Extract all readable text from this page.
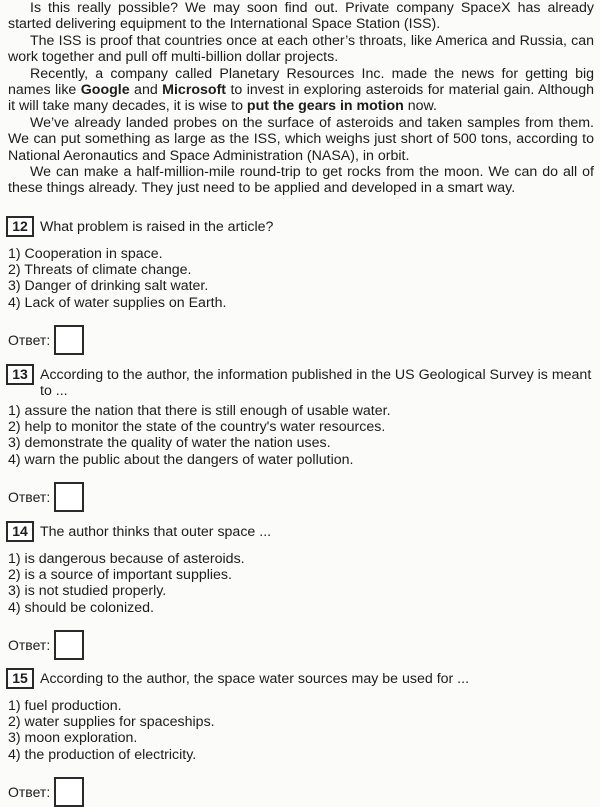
Is this really possible? We may soon find out. Private company SpaceX has already started delivering equipment to the International Space Station (ISS).

The ISS is proof that countries once at each other’s throats, like America and Russia, can work together and pull off multi-billion dollar projects.

Recently, a company called Planetary Resources Inc. made the news for getting big names like Google and Microsoft to invest in exploring asteroids for material gain. Although it will take many decades, it is wise to put the gears in motion now.

We’ve already landed probes on the surface of asteroids and taken samples from them. We can put something as large as the ISS, which weighs just short of 500 tons, according to National Aeronautics and Space Administration (NASA), in orbit.

We can make a half-million-mile round-trip to get rocks from the moon. We can do all of these things already. They just need to be applied and developed in a smart way.

12 What problem is raised in the article?
1) Cooperation in space.
2) Threats of climate change.
3) Danger of drinking salt water.
4) Lack of water supplies on Earth.
Ответ:
13 According to the author, the information published in the US Geological Survey is meant to ...
1) assure the nation that there is still enough of usable water.
2) help to monitor the state of the country's water resources.
3) demonstrate the quality of water the nation uses.
4) warn the public about the dangers of water pollution.
Ответ:
14 The author thinks that outer space ...
1) is dangerous because of asteroids.
2) is a source of important supplies.
3) is not studied properly.
4) should be colonized.
Ответ:
15 According to the author, the space water sources may be used for ...
1) fuel production.
2) water supplies for spaceships.
3) moon exploration.
4) the production of electricity.
Ответ:
